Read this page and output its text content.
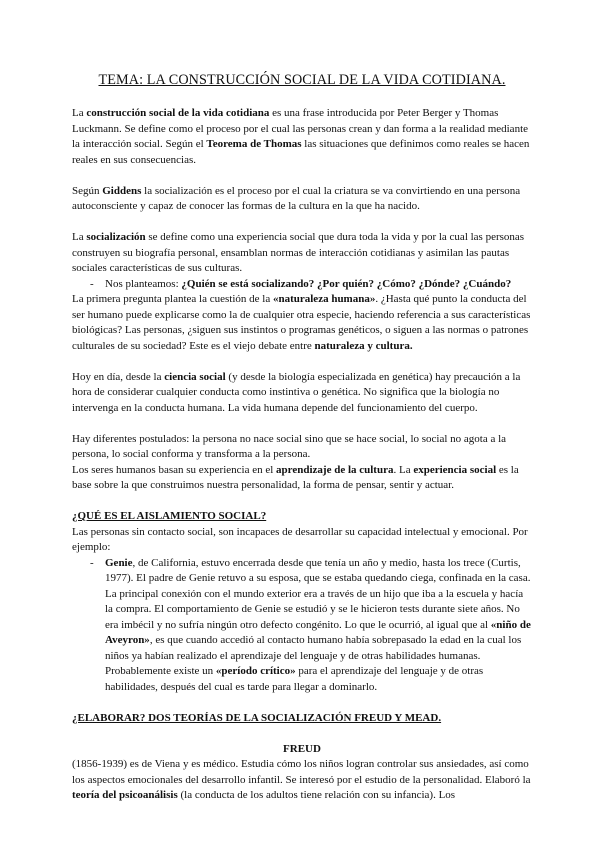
TEMA: LA CONSTRUCCIÓN SOCIAL DE LA VIDA COTIDIANA.

La construcción social de la vida cotidiana es una frase introducida por Peter Berger y Thomas Luckmann. Se define como el proceso por el cual las personas crean y dan forma a la realidad mediante la interacción social. Según el Teorema de Thomas las situaciones que definimos como reales se hacen reales en sus consecuencias.

Según Giddens la socialización es el proceso por el cual la criatura se va convirtiendo en una persona autoconsciente y capaz de conocer las formas de la cultura en la que ha nacido.

La socialización se define como una experiencia social que dura toda la vida y por la cual las personas construyen su biografía personal, ensamblan normas de interacción cotidianas y asimilan las pautas sociales características de sus culturas.

- Nos planteamos: ¿Quién se está socializando? ¿Por quién? ¿Cómo? ¿Dónde? ¿Cuándo?

La primera pregunta plantea la cuestión de la «naturaleza humana». ¿Hasta qué punto la conducta del ser humano puede explicarse como la de cualquier otra especie, haciendo referencia a sus características biológicas? Las personas, ¿siguen sus instintos o programas genéticos, o siguen a las normas o patrones culturales de su sociedad? Este es el viejo debate entre naturaleza y cultura.

Hoy en día, desde la ciencia social (y desde la biología especializada en genética) hay precaución a la hora de considerar cualquier conducta como instintiva o genética. No significa que la biología no intervenga en la conducta humana. La vida humana depende del funcionamiento del cuerpo.

Hay diferentes postulados: la persona no nace social sino que se hace social, lo social no agota a la persona, lo social conforma y transforma a la persona.

Los seres humanos basan su experiencia en el aprendizaje de la cultura. La experiencia social es la base sobre la que construimos nuestra personalidad, la forma de pensar, sentir y actuar.

¿QUÉ ES EL AISLAMIENTO SOCIAL?

Las personas sin contacto social, son incapaces de desarrollar su capacidad intelectual y emocional. Por ejemplo:

- Genie, de California, estuvo encerrada desde que tenía un año y medio, hasta los trece (Curtis, 1977). El padre de Genie retuvo a su esposa, que se estaba quedando ciega, confinada en la casa. La principal conexión con el mundo exterior era a través de un hijo que iba a la escuela y hacía la compra. El comportamiento de Genie se estudió y se le hicieron tests durante siete años. No era imbécil y no sufría ningún otro defecto congénito. Lo que le ocurrió, al igual que al «niño de Aveyron», es que cuando accedió al contacto humano había sobrepasado la edad en la cual los niños ya habían realizado el aprendizaje del lenguaje y de otras habilidades humanas. Probablemente existe un «período crítico» para el aprendizaje del lenguaje y de otras habilidades, después del cual es tarde para llegar a dominarlo.

¿ELABORAR? DOS TEORÍAS DE LA SOCIALIZACIÓN FREUD Y MEAD.

FREUD

(1856-1939) es de Viena y es médico. Estudia cómo los niños logran controlar sus ansiedades, así como los aspectos emocionales del desarrollo infantil. Se interesó por el estudio de la personalidad. Elaboró la teoría del psicoanálisis (la conducta de los adultos tiene relación con su infancia). Los
